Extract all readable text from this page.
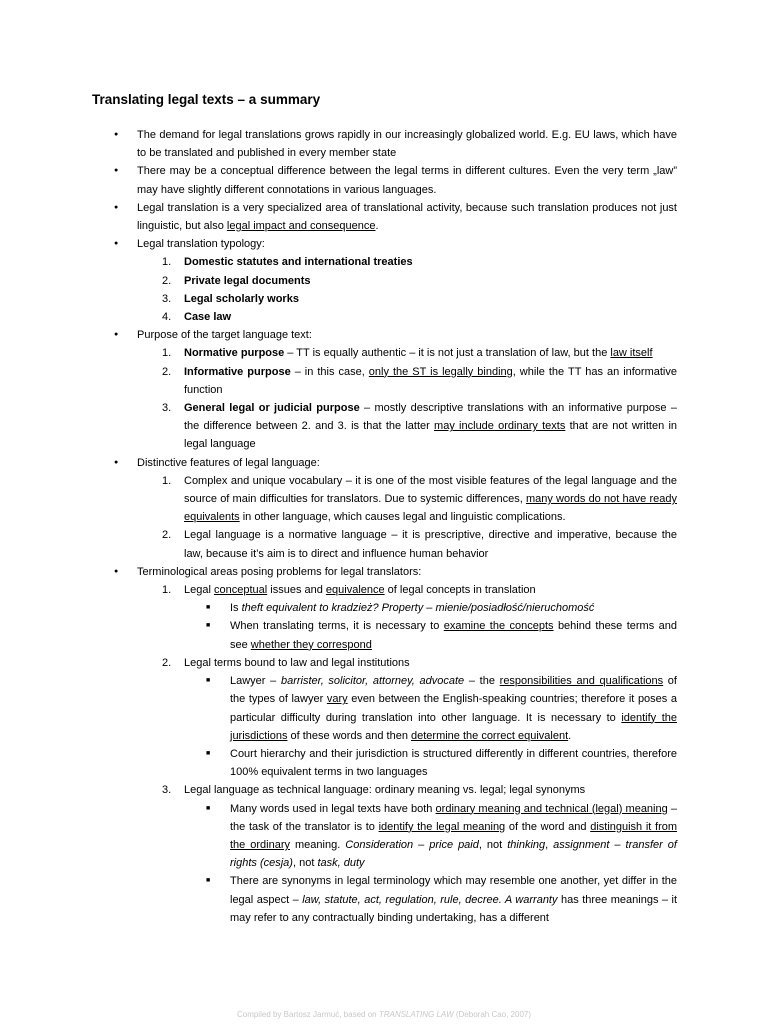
Translating legal texts – a summary
● The demand for legal translations grows rapidly in our increasingly globalized world. E.g. EU laws, which have to be translated and published in every member state
● There may be a conceptual difference between the legal terms in different cultures. Even the very term „law” may have slightly different connotations in various languages.
● Legal translation is a very specialized area of translational activity, because such translation produces not just linguistic, but also legal impact and consequence.
● Legal translation typology:
1. Domestic statutes and international treaties
2. Private legal documents
3. Legal scholarly works
4. Case law
● Purpose of the target language text:
1. Normative purpose – TT is equally authentic – it is not just a translation of law, but the law itself
2. Informative purpose – in this case, only the ST is legally binding, while the TT has an informative function
3. General legal or judicial purpose – mostly descriptive translations with an informative purpose – the difference between 2. and 3. is that the latter may include ordinary texts that are not written in legal language
● Distinctive features of legal language:
1. Complex and unique vocabulary – it is one of the most visible features of the legal language and the source of main difficulties for translators. Due to systemic differences, many words do not have ready equivalents in other language, which causes legal and linguistic complications.
2. Legal language is a normative language – it is prescriptive, directive and imperative, because the law, because it’s aim is to direct and influence human behavior
● Terminological areas posing problems for legal translators:
1. Legal conceptual issues and equivalence of legal concepts in translation
■ Is theft equivalent to kradzież? Property – mienie/posiadłość/nieruchomość
■ When translating terms, it is necessary to examine the concepts behind these terms and see whether they correspond
2. Legal terms bound to law and legal institutions
■ Lawyer – barrister, solicitor, attorney, advocate – the responsibilities and qualifications of the types of lawyer vary even between the English-speaking countries; therefore it poses a particular difficulty during translation into other language. It is necessary to identify the jurisdictions of these words and then determine the correct equivalent.
■ Court hierarchy and their jurisdiction is structured differently in different countries, therefore 100% equivalent terms in two languages
3. Legal language as technical language: ordinary meaning vs. legal; legal synonyms
■ Many words used in legal texts have both ordinary meaning and technical (legal) meaning – the task of the translator is to identify the legal meaning of the word and distinguish it from the ordinary meaning. Consideration – price paid, not thinking, assignment – transfer of rights (cesja), not task, duty
■ There are synonyms in legal terminology which may resemble one another, yet differ in the legal aspect – law, statute, act, regulation, rule, decree. A warranty has three meanings – it may refer to any contractually binding undertaking, has a different
Compiled by Bartosz Jarmuć, based on TRANSLATING LAW (Deborah Cao, 2007)
